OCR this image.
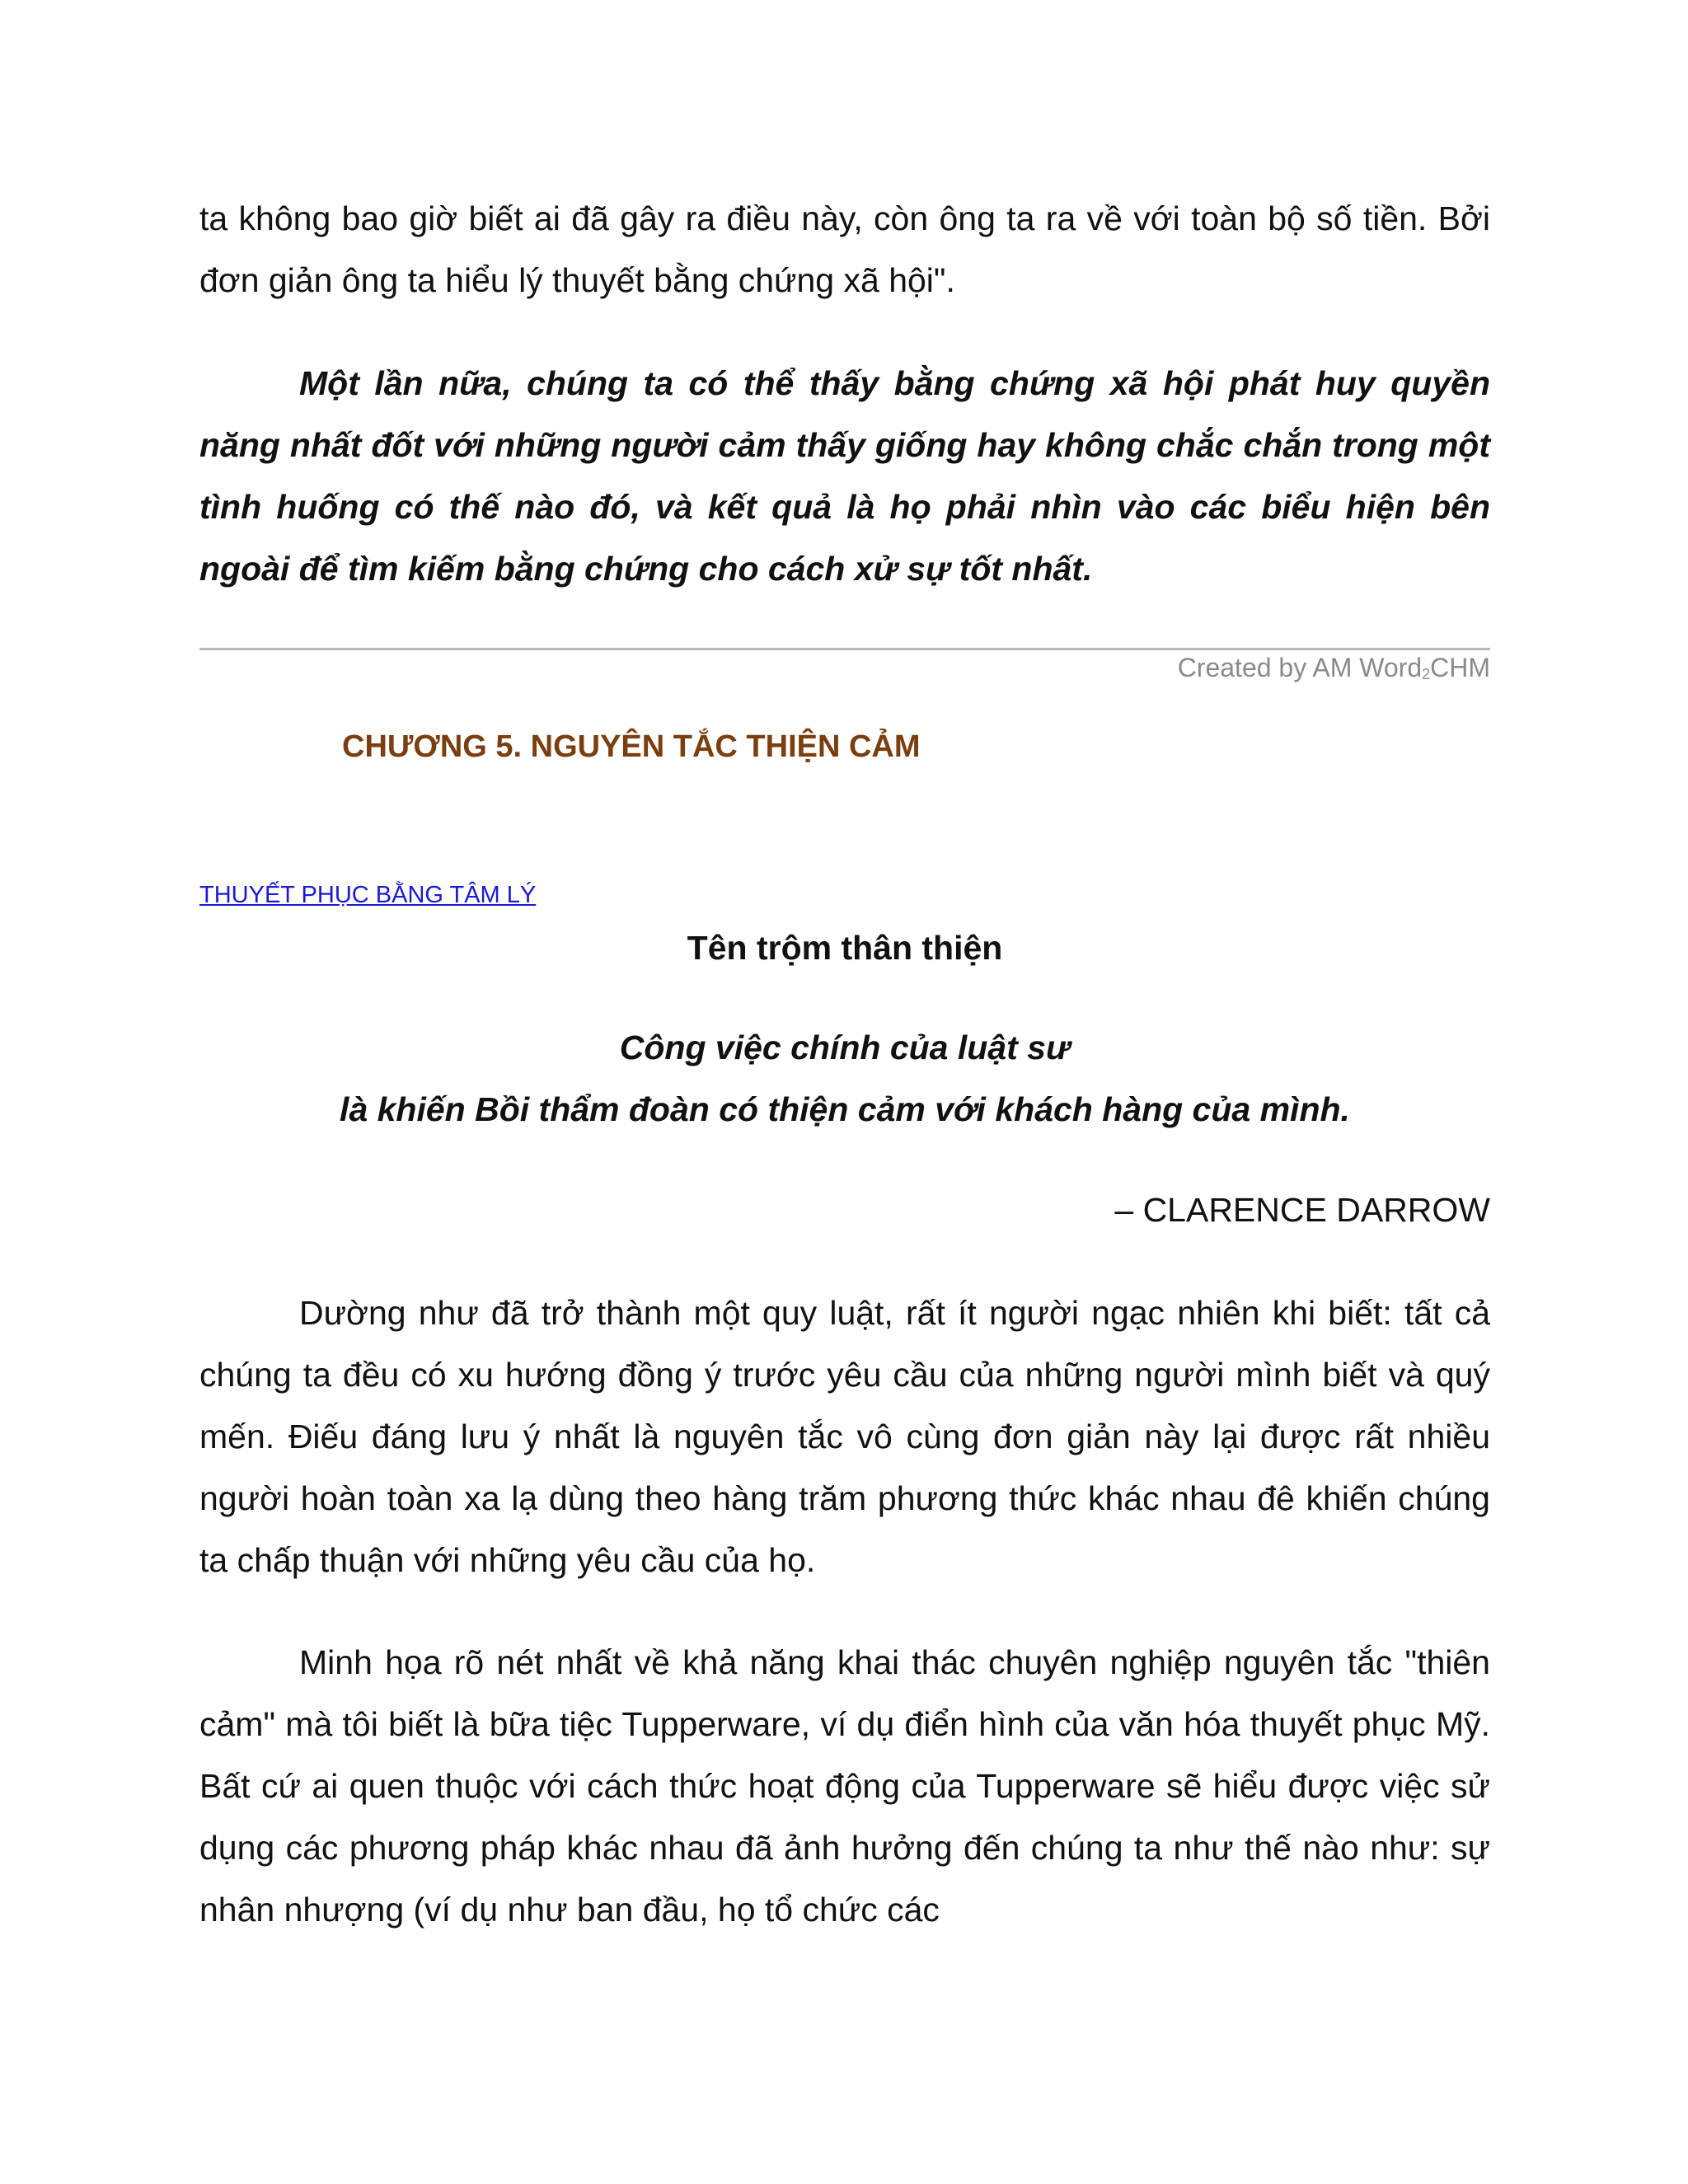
ta không bao giờ biết ai đã gây ra điều này, còn ông ta ra về với toàn bộ số tiền. Bởi đơn giản ông ta hiểu lý thuyết bằng chứng xã hội".

Một lần nữa, chúng ta có thể thấy bằng chứng xã hội phát huy quyền năng nhất đốt với những người cảm thấy giống hay không chắc chắn trong một tình huống có thế nào đó, và kết quả là họ phải nhìn vào các biểu hiện bên ngoài để tìm kiếm bằng chứng cho cách xử sự tốt nhất.

Created by AM Word$_2$CHM
CHƯƠNG 5. NGUYÊN TẮC THIỆN CẢM
THUYẾT PHỤC BẰNG TÂM LÝ
Tên trộm thân thiện
Công việc chính của luật sư
là khiến Bồi thẩm đoàn có thiện cảm với khách hàng của mình.
– CLARENCE DARROW

Dường như đã trở thành một quy luật, rất ít người ngạc nhiên khi biết: tất cả chúng ta đều có xu hướng đồng ý trước yêu cầu của những người mình biết và quý mến. Điếu đáng lưu ý nhất là nguyên tắc vô cùng đơn giản này lại được rất nhiều người hoàn toàn xa lạ dùng theo hàng trăm phương thức khác nhau đê khiến chúng ta chấp thuận với những yêu cầu của họ.

Minh họa rõ nét nhất về khả năng khai thác chuyên nghiệp nguyên tắc "thiên cảm" mà tôi biết là bữa tiệc Tupperware, ví dụ điển hình của văn hóa thuyết phục Mỹ. Bất cứ ai quen thuộc với cách thức hoạt động của Tupperware sẽ hiểu được việc sử dụng các phương pháp khác nhau đã ảnh hưởng đến chúng ta như thế nào như: sự nhân nhượng (ví dụ như ban đầu, họ tổ chức các
